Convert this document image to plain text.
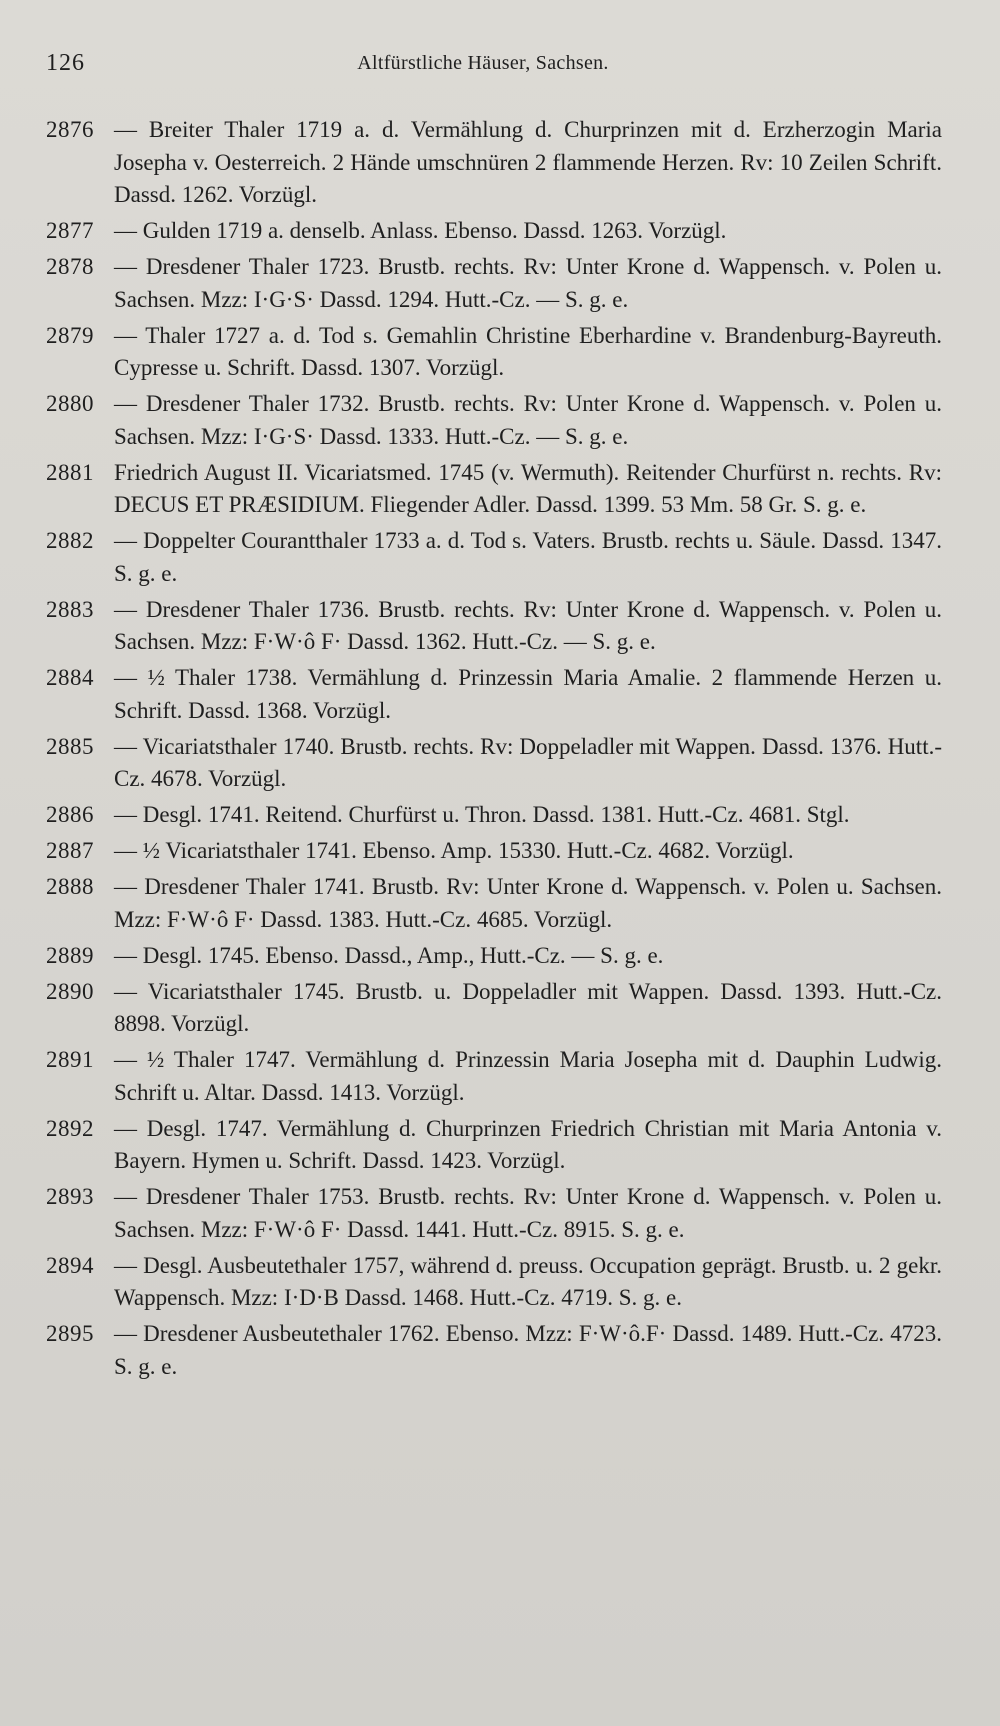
126	Altfürstliche Häuser, Sachsen.
2876 — Breiter Thaler 1719 a. d. Vermählung d. Churprinzen mit d. Erzherzogin Maria Josepha v. Oesterreich. 2 Hände umschnüren 2 flammende Herzen. Rv: 10 Zeilen Schrift. Dassd. 1262. Vorzügl.
2877 — Gulden 1719 a. denselb. Anlass. Ebenso. Dassd. 1263. Vorzügl.
2878 — Dresdener Thaler 1723. Brustb. rechts. Rv: Unter Krone d. Wappensch. v. Polen u. Sachsen. Mzz: I·G·S· Dassd. 1294. Hutt.-Cz. — S. g. e.
2879 — Thaler 1727 a. d. Tod s. Gemahlin Christine Eberhardine v. Brandenburg-Bayreuth. Cypresse u. Schrift. Dassd. 1307. Vorzügl.
2880 — Dresdener Thaler 1732. Brustb. rechts. Rv: Unter Krone d. Wappensch. v. Polen u. Sachsen. Mzz: I·G·S· Dassd. 1333. Hutt.-Cz. — S. g. e.
2881 Friedrich August II. Vicariatsmed. 1745 (v. Wermuth). Reitender Churfürst n. rechts. Rv: DECUS ET PRÆSIDIUM. Fliegender Adler. Dassd. 1399. 53 Mm. 58 Gr. S. g. e.
2882 — Doppelter Courantthaler 1733 a. d. Tod s. Vaters. Brustb. rechts u. Säule. Dassd. 1347. S. g. e.
2883 — Dresdener Thaler 1736. Brustb. rechts. Rv: Unter Krone d. Wappensch. v. Polen u. Sachsen. Mzz: F·W·ô F· Dassd. 1362. Hutt.-Cz. — S. g. e.
2884 — ½ Thaler 1738. Vermählung d. Prinzessin Maria Amalie. 2 flammende Herzen u. Schrift. Dassd. 1368. Vorzügl.
2885 — Vicariatsthaler 1740. Brustb. rechts. Rv: Doppeladler mit Wappen. Dassd. 1376. Hutt.-Cz. 4678. Vorzügl.
2886 — Desgl. 1741. Reitend. Churfürst u. Thron. Dassd. 1381. Hutt.-Cz. 4681. Stgl.
2887 — ½ Vicariatsthaler 1741. Ebenso. Amp. 15330. Hutt.-Cz. 4682. Vorzügl.
2888 — Dresdener Thaler 1741. Brustb. Rv: Unter Krone d. Wappensch. v. Polen u. Sachsen. Mzz: F·W·ô F· Dassd. 1383. Hutt.-Cz. 4685. Vorzügl.
2889 — Desgl. 1745. Ebenso. Dassd., Amp., Hutt.-Cz. — S. g. e.
2890 — Vicariatsthaler 1745. Brustb. u. Doppeladler mit Wappen. Dassd. 1393. Hutt.-Cz. 8898. Vorzügl.
2891 — ½ Thaler 1747. Vermählung d. Prinzessin Maria Josepha mit d. Dauphin Ludwig. Schrift u. Altar. Dassd. 1413. Vorzügl.
2892 — Desgl. 1747. Vermählung d. Churprinzen Friedrich Christian mit Maria Antonia v. Bayern. Hymen u. Schrift. Dassd. 1423. Vorzügl.
2893 — Dresdener Thaler 1753. Brustb. rechts. Rv: Unter Krone d. Wappensch. v. Polen u. Sachsen. Mzz: F·W·ô F· Dassd. 1441. Hutt.-Cz. 8915. S. g. e.
2894 — Desgl. Ausbeutethaler 1757, während d. preuss. Occupation geprägt. Brustb. u. 2 gekr. Wappensch. Mzz: I·D·B Dassd. 1468. Hutt.-Cz. 4719. S. g. e.
2895 — Dresdener Ausbeutethaler 1762. Ebenso. Mzz: F·W·ô.F· Dassd. 1489. Hutt.-Cz. 4723. S. g. e.
